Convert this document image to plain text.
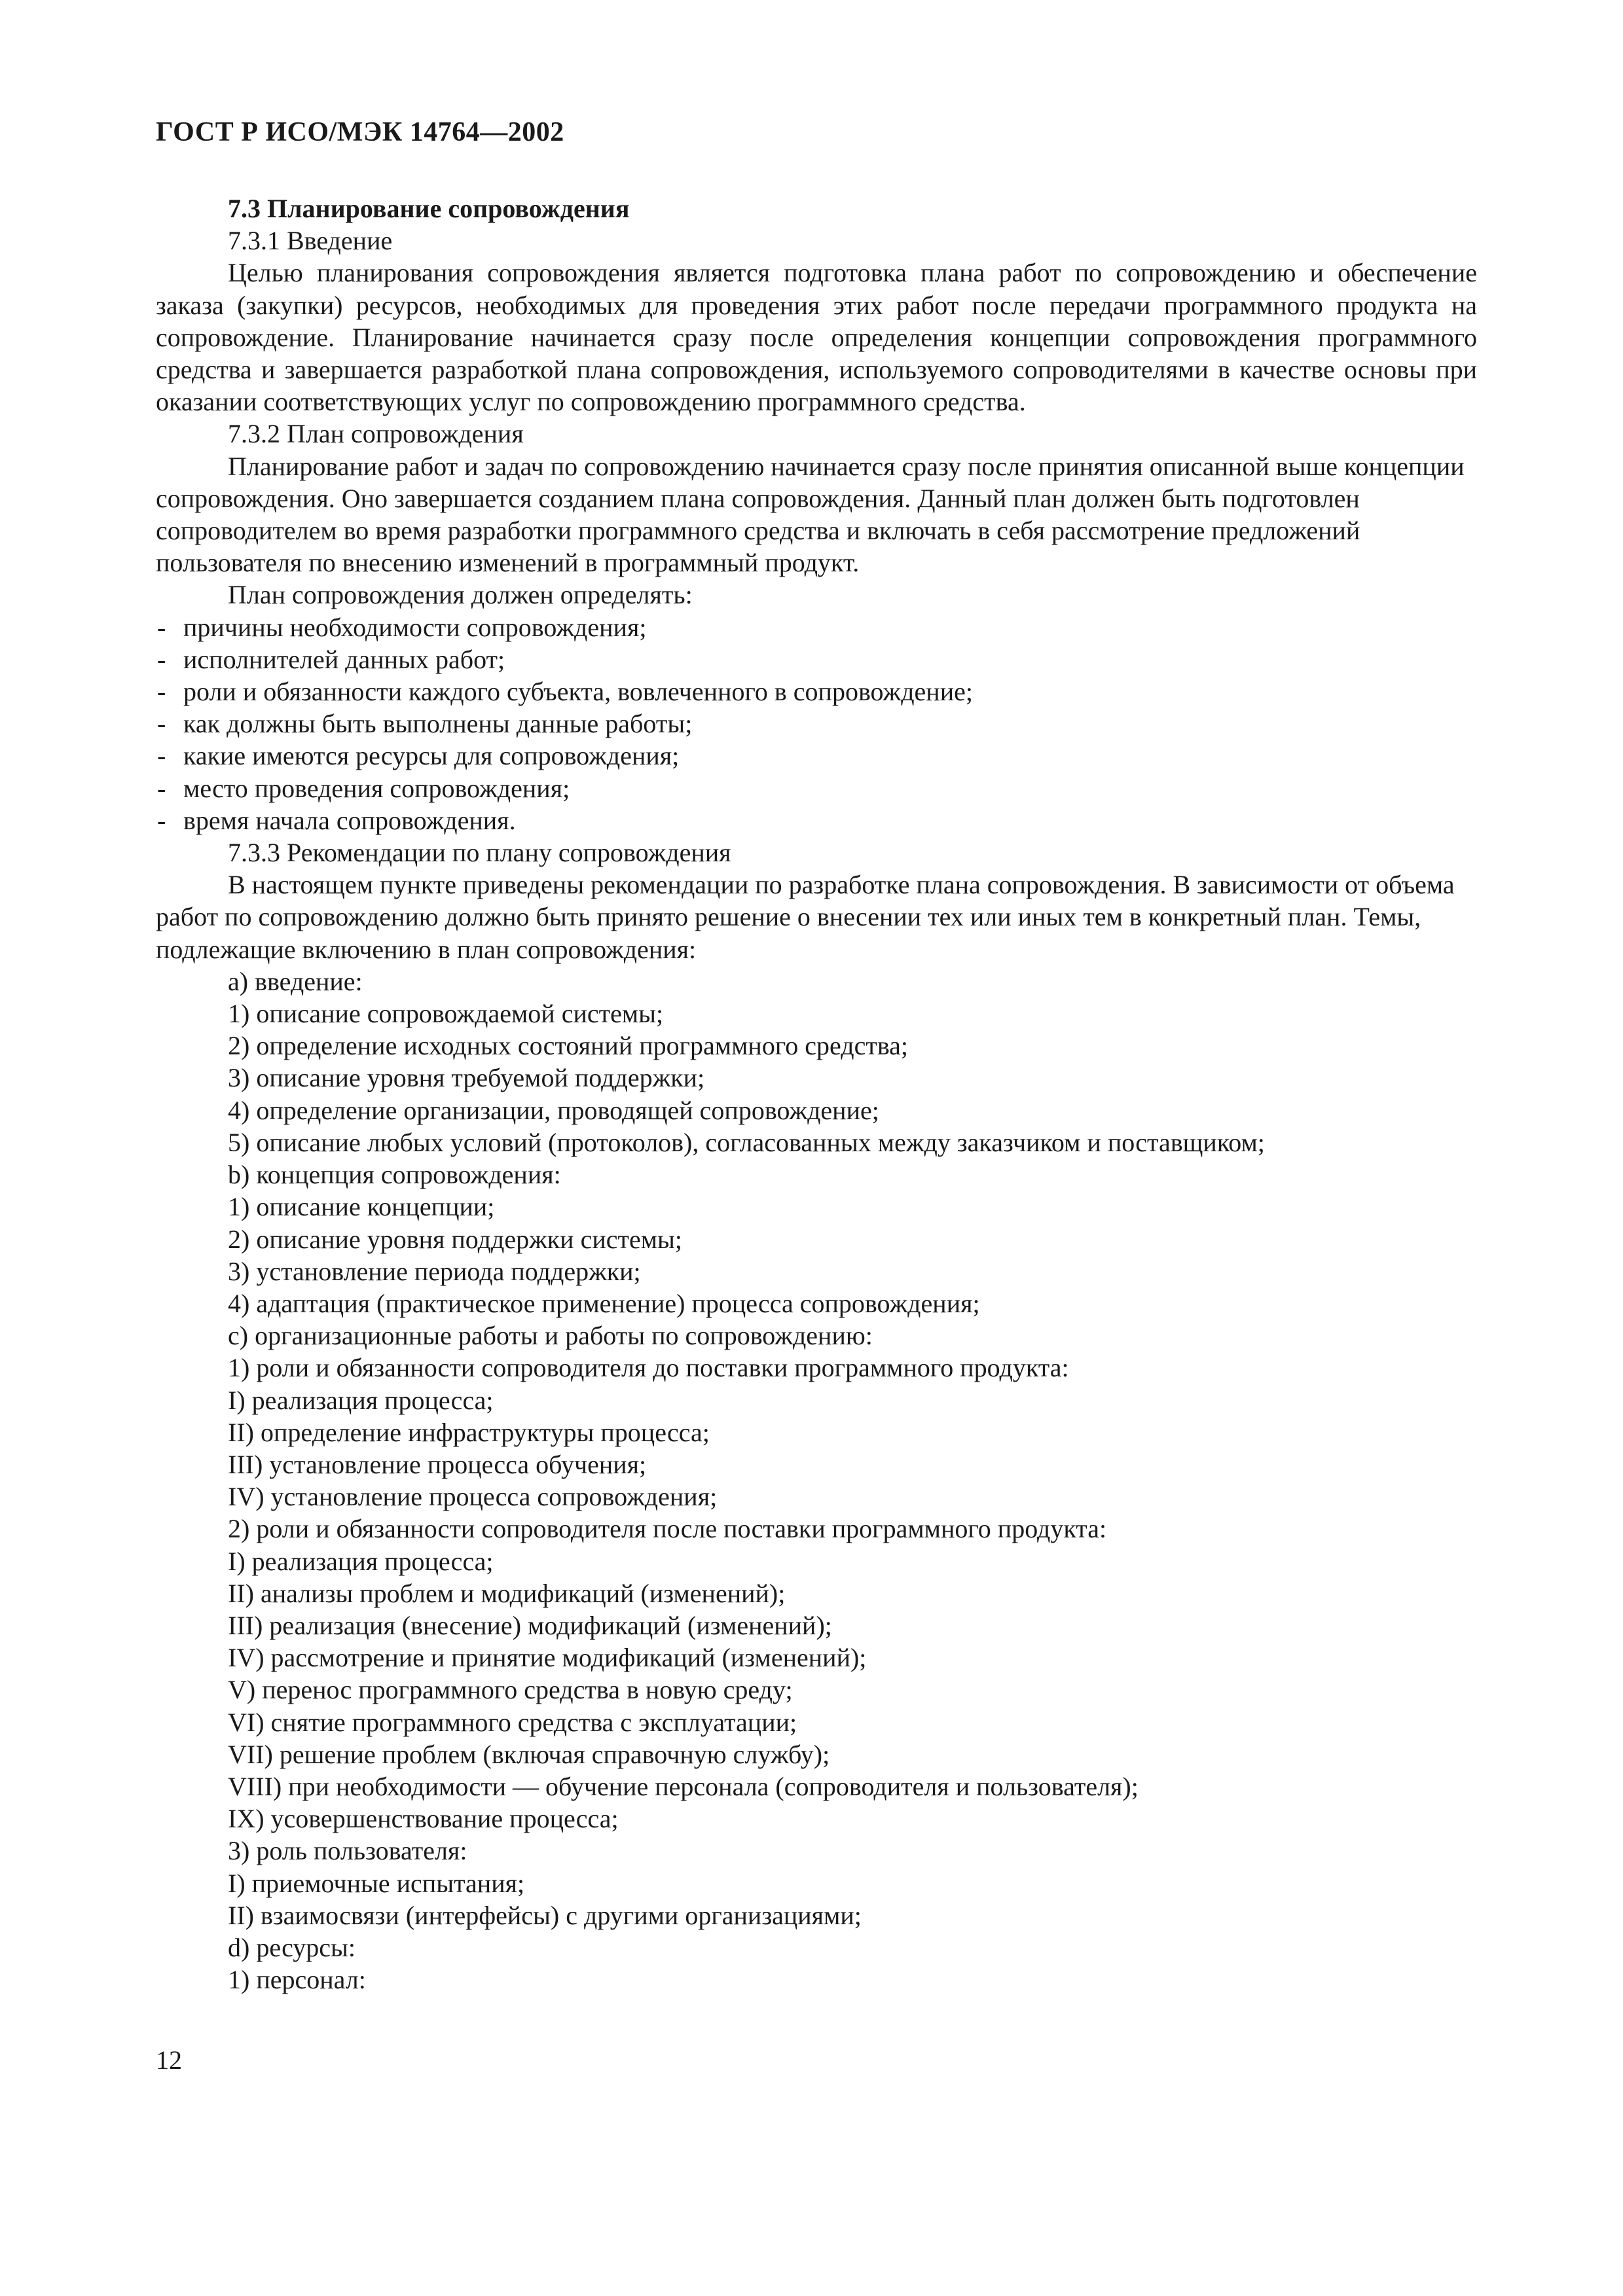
ГОСТ Р ИСО/МЭК 14764—2002

7.3 Планирование сопровождения

7.3.1 Введение

Целью планирования сопровождения является подготовка плана работ по сопровождению и обеспечение заказа (закупки) ресурсов, необходимых для проведения этих работ после передачи программного продукта на сопровождение. Планирование начинается сразу после определения концепции сопровождения программного средства и завершается разработкой плана сопровождения, используемого сопроводителями в качестве основы при оказании соответствующих услуг по сопровождению программного средства.

7.3.2 План сопровождения

Планирование работ и задач по сопровождению начинается сразу после принятия описанной выше концепции сопровождения. Оно завершается созданием плана сопровождения. Данный план должен быть подготовлен сопроводителем во время разработки программного средства и включать в себя рассмотрение предложений пользователя по внесению изменений в программный продукт.

План сопровождения должен определять:

- причины необходимости сопровождения;

- исполнителей данных работ;

- роли и обязанности каждого субъекта, вовлеченного в сопровождение;

- как должны быть выполнены данные работы;

- какие имеются ресурсы для сопровождения;

- место проведения сопровождения;

- время начала сопровождения.

7.3.3 Рекомендации по плану сопровождения

В настоящем пункте приведены рекомендации по разработке плана сопровождения. В зависимости от объема работ по сопровождению должно быть принято решение о внесении тех или иных тем в конкретный план. Темы, подлежащие включению в план сопровождения:

а) введение:

1) описание сопровождаемой системы;

2) определение исходных состояний программного средства;

3) описание уровня требуемой поддержки;

4) определение организации, проводящей сопровождение;

5) описание любых условий (протоколов), согласованных между заказчиком и поставщиком;

b) концепция сопровождения:

1) описание концепции;

2) описание уровня поддержки системы;

3) установление периода поддержки;

4) адаптация (практическое применение) процесса сопровождения;

c) организационные работы и работы по сопровождению:

1) роли и обязанности сопроводителя до поставки программного продукта:

I) реализация процесса;

II) определение инфраструктуры процесса;

III) установление процесса обучения;

IV) установление процесса сопровождения;

2) роли и обязанности сопроводителя после поставки программного продукта:

I) реализация процесса;

II) анализы проблем и модификаций (изменений);

III) реализация (внесение) модификаций (изменений);

IV) рассмотрение и принятие модификаций (изменений);

V) перенос программного средства в новую среду;

VI) снятие программного средства с эксплуатации;

VII) решение проблем (включая справочную службу);

VIII) при необходимости — обучение персонала (сопроводителя и пользователя);

IX) усовершенствование процесса;

3) роль пользователя:

I) приемочные испытания;

II) взаимосвязи (интерфейсы) с другими организациями;

d) ресурсы:

1) персонал:

12
